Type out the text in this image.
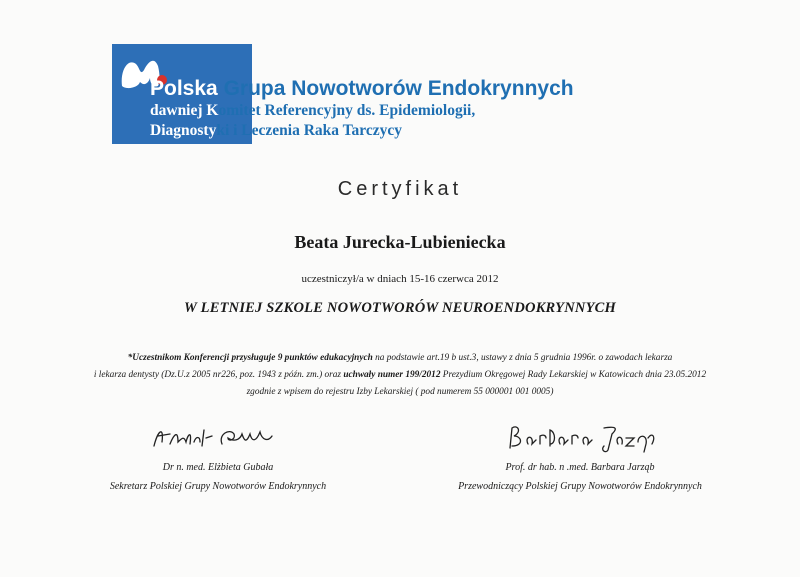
Polska Grupa Nowotworów Endokrynnych
dawniej Komitet Referencyjny ds. Epidemiologii,
Diagnostyki i Leczenia Raka Tarczycy
Certyfikat
Beata Jurecka-Lubieniecka
uczestniczył/a w dniach 15-16 czerwca 2012
W LETNIEJ SZKOLE NOWOTWORÓW NEUROENDOKRYNNYCH
*Uczestnikom Konferencji przysługuje 9 punktów edukacyjnych na podstawie art.19 b ust.3, ustawy z dnia 5 grudnia 1996r. o zawodach lekarza
i lekarza dentysty (Dz.U.z 2005 nr226, poz. 1943 z późn. zm.) oraz uchwały numer 199/2012 Prezydium Okręgowej Rady Lekarskiej w Katowicach dnia 23.05.2012
zgodnie z wpisem do rejestru Izby Lekarskiej ( pod numerem 55 000001 001 0005)
Dr n. med. Elżbieta Gubała
Sekretarz Polskiej Grupy Nowotworów Endokrynnych
Prof. dr hab. n .med. Barbara Jarząb
Przewodniczący Polskiej Grupy Nowotworów Endokrynnych
